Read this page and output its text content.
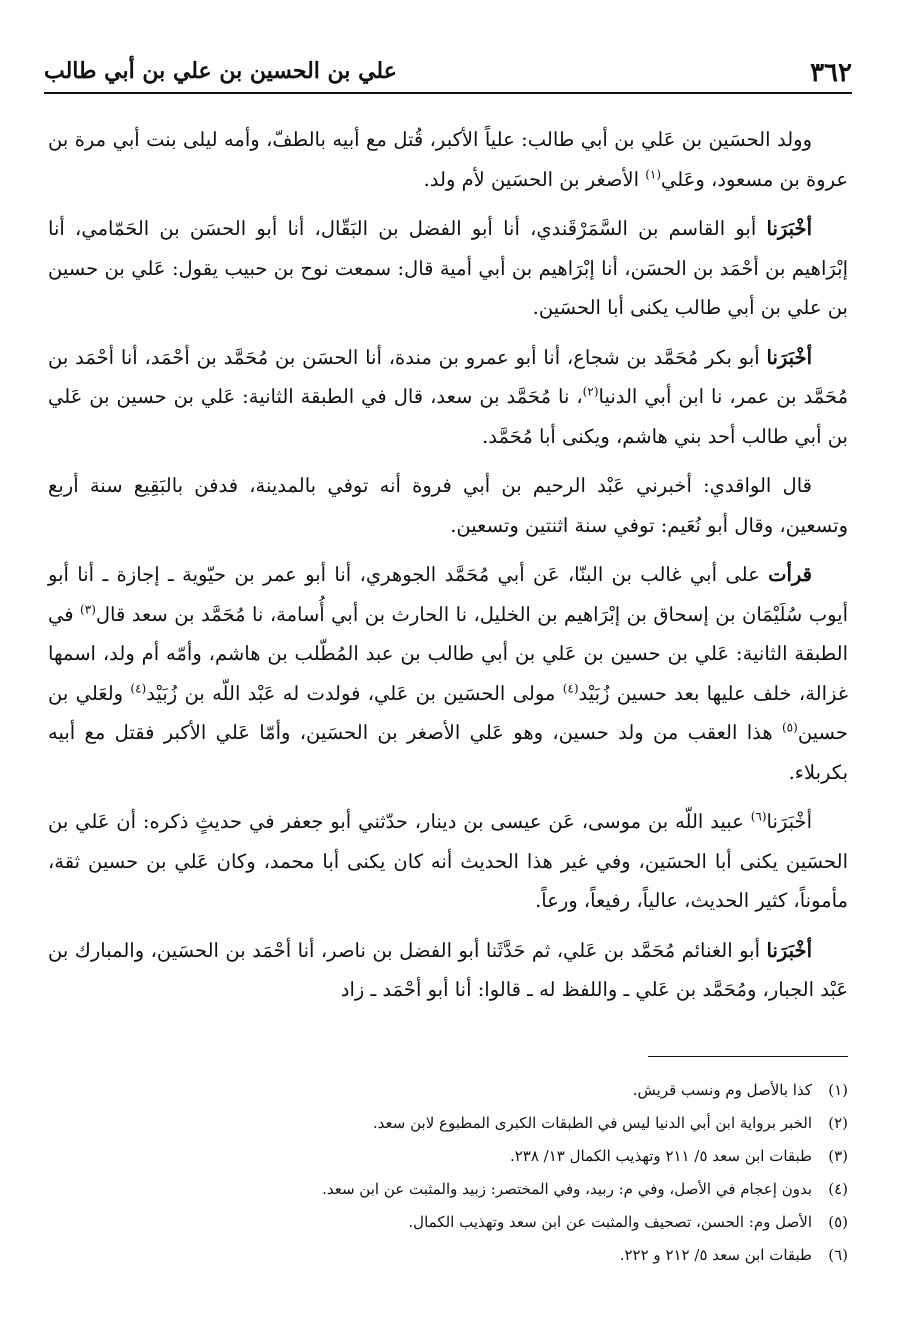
٣٦٢
علي بن الحسين بن علي بن أبي طالب

وولد الحسَين بن عَلي بن أبي طالب: علياً الأكبر، قُتل مع أبيه بالطفّ، وأمه ليلى بنت أبي مرة بن عروة بن مسعود، وعَلي$^{(١)}$ الأصغر بن الحسَين لأم ولد.

أخْبَرَنا أبو القاسم بن السَّمَرْقَندي، أنا أبو الفضل بن البَقّال، أنا أبو الحسَن بن الحَمّامي، أنا إبْرَاهيم بن أحْمَد بن الحسَن، أنا إبْرَاهيم بن أبي أمية قال: سمعت نوح بن حبيب يقول: عَلي بن حسين بن علي بن أبي طالب يكنى أبا الحسَين.

أخْبَرَنا أبو بكر مُحَمَّد بن شجاع، أنا أبو عمرو بن مندة، أنا الحسَن بن مُحَمَّد بن أحْمَد، أنا أحْمَد بن مُحَمَّد بن عمر، نا ابن أبي الدنيا$^{(٢)}$، نا مُحَمَّد بن سعد، قال في الطبقة الثانية: عَلي بن حسين بن عَلي بن أبي طالب أحد بني هاشم، ويكنى أبا مُحَمَّد.

قال الواقدي: أخبرني عَبْد الرحيم بن أبي فروة أنه توفي بالمدينة، فدفن بالبَقِيع سنة أربع وتسعين، وقال أبو نُعَيم: توفي سنة اثنتين وتسعين.

قرأت على أبي غالب بن البنّا، عَن أبي مُحَمَّد الجوهري، أنا أبو عمر بن حيّوية ـ إجازة ـ أنا أبو أيوب سُلَيْمَان بن إسحاق بن إبْرَاهيم بن الخليل، نا الحارث بن أبي أُسامة، نا مُحَمَّد بن سعد قال$^{(٣)}$ في الطبقة الثانية: عَلي بن حسين بن عَلي بن أبي طالب بن عبد المُطّلب بن هاشم، وأمّه أم ولد، اسمها غزالة، خلف عليها بعد حسين زُبَيْد$^{(٤)}$ مولى الحسَين بن عَلي، فولدت له عَبْد اللّه بن زُبَيْد$^{(٤)}$ ولعَلي بن حسين$^{(٥)}$ هذا العقب من ولد حسين، وهو عَلي الأصغر بن الحسَين، وأمّا عَلي الأكبر فقتل مع أبيه بكربلاء.

أخْبَرَنا$^{(٦)}$ عبيد اللّه بن موسى، عَن عيسى بن دينار، حدّثني أبو جعفر في حديثٍ ذكره: أن عَلي بن الحسَين يكنى أبا الحسَين، وفي غير هذا الحديث أنه كان يكنى أبا محمد، وكان عَلي بن حسين ثقة، مأموناً، كثير الحديث، عالياً، رفيعاً، ورعاً.

أخْبَرَنا أبو الغنائم مُحَمَّد بن عَلي، ثم حَدَّثَنا أبو الفضل بن ناصر، أنا أحْمَد بن الحسَين، والمبارك بن عَبْد الجبار، ومُحَمَّد بن عَلي ـ واللفظ له ـ قالوا: أنا أبو أحْمَد ـ زاد

(١)كذا بالأصل وم ونسب قريش.
(٢)الخبر برواية ابن أبي الدنيا ليس في الطبقات الكبرى المطبوع لابن سعد.
(٣)طبقات ابن سعد ٥/ ٢١١ وتهذيب الكمال ١٣/ ٢٣٨.
(٤)بدون إعجام في الأصل، وفي م: ربيد، وفي المختصر: زبيد والمثبت عن ابن سعد.
(٥)الأصل وم: الحسن، تصحيف والمثبت عن ابن سعد وتهذيب الكمال.
(٦)طبقات ابن سعد ٥/ ٢١٢ و ٢٢٢.
